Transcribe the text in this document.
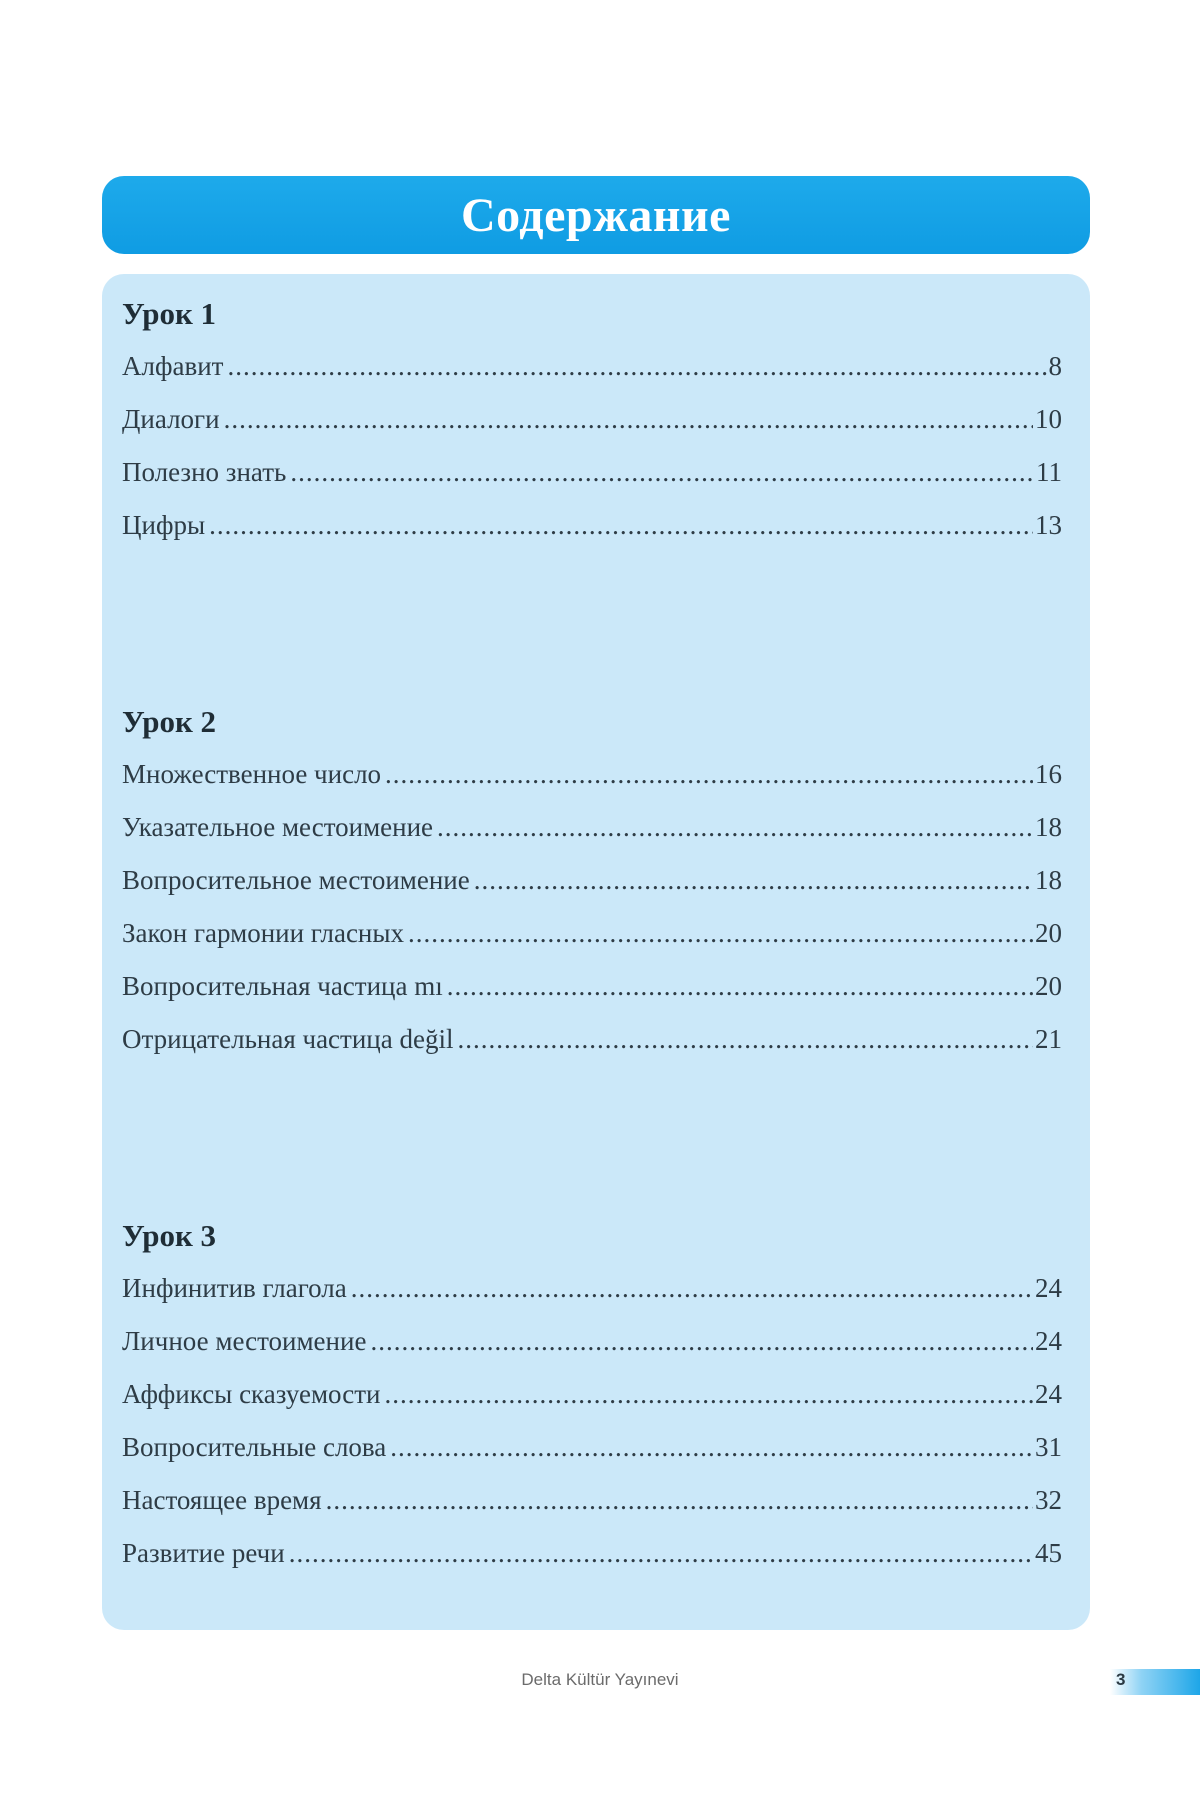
Содержание
Урок 1
Алфавит .....	8
Диалоги .....	10
Полезно знать .....	11
Цифры .....	13
Урок 2
Множественное число .....	16
Указательное местоимение .....	18
Вопросительное местоимение .....	18
Закон гармонии гласных .....	20
Вопросительная частица mı .....	20
Отрицательная частица değil .....	21
Урок 3
Инфинитив глагола .....	24
Личное местоимение .....	24
Аффиксы сказуемости .....	24
Вопросительные слова .....	31
Настоящее время .....	32
Развитие речи .....	45
Delta Kültür Yayınevi	3
